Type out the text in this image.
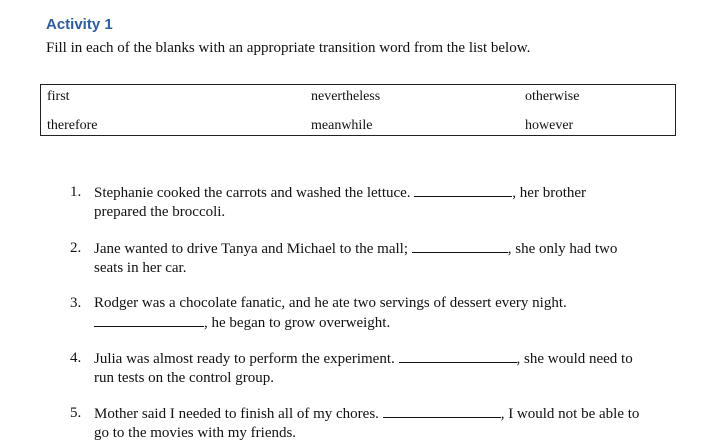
Activity 1
Fill in each of the blanks with an appropriate transition word from the list below.
first	nevertheless	otherwise
therefore	meanwhile	however
1. Stephanie cooked the carrots and washed the lettuce.	, her brother
prepared the broccoli.
2. Jane wanted to drive Tanya and Michael to the mall;	, she only had two
seats in her car.
3. Rodger was a chocolate fanatic, and he ate two servings of dessert every night.
, he began to grow overweight.
4. Julia was almost ready to perform the experiment.	, she would need to
run tests on the control group.
5. Mother said I needed to finish all of my chores.	, I would not be able to
go to the movies with my friends.
